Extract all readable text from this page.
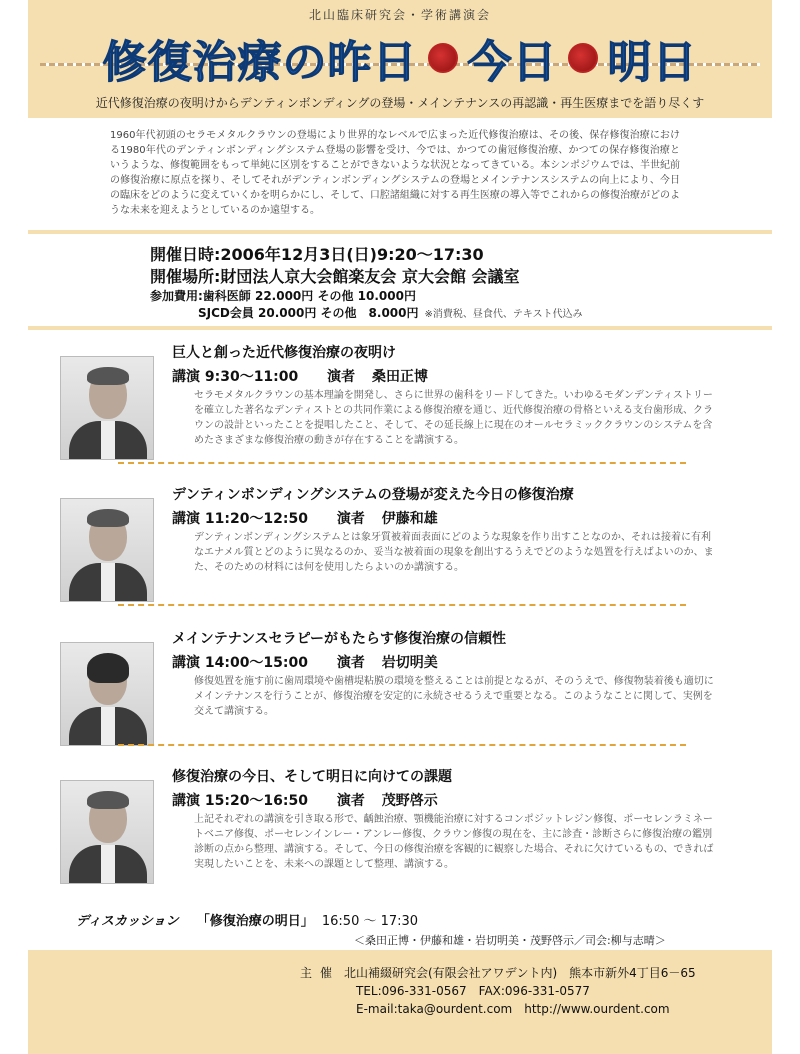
北山臨床研究会・学術講演会
修復治療の昨日 今日 明日
近代修復治療の夜明けからデンティンボンディングの登場・メインテナンスの再認識・再生医療までを語り尽くす
1960年代初頭のセラモメタルクラウンの登場により世界的なレベルで広まった近代修復治療は、その後、保存修復治療における1980年代のデンティンボンディングシステム登場の影響を受け、今では、かつての歯冠修復治療、かつての保存修復治療というような、修復範囲をもって単純に区別をすることができないような状況となってきている。本シンポジウムでは、半世紀前の修復治療に原点を探り、そしてそれがデンティンボンディングシステムの登場とメインテナンスシステムの向上により、今日の臨床をどのように変えていくかを明らかにし、そして、口腔諸組織に対する再生医療の導入等でこれからの修復治療がどのような未来を迎えようとしているのか遠望する。
開催日時:2006年12月3日(日)9:20～17:30
開催場所:財団法人京大会館楽友会 京大会館 会議室
参加費用:歯科医師 22.000円 その他 10.000円
SJCD会員 20.000円 その他　8.000円 ※消費税、昼食代、テキスト代込み
巨人と創った近代修復治療の夜明け
講演 9:30～11:00 演者 桑田正博
セラモメタルクラウンの基本理論を開発し、さらに世界の歯科をリードしてきた。いわゆるモダンデンティストリーを確立した著名なデンティストとの共同作業による修復治療を通じ、近代修復治療の骨格といえる支台歯形成、クラウンの設計といったことを提唱したこと、そして、その延長線上に現在のオールセラミッククラウンのシステムを含めたさまざまな修復治療の動きが存在することを講演する。
デンティンボンディングシステムの登場が変えた今日の修復治療
講演 11:20～12:50 演者 伊藤和雄
デンティンボンディングシステムとは象牙質被着面表面にどのような現象を作り出すことなのか、それは接着に有利なエナメル質とどのように異なるのか、妥当な被着面の現象を創出するうえでどのような処置を行えばよいのか、また、そのための材料には何を使用したらよいのか講演する。
メインテナンスセラピーがもたらす修復治療の信頼性
講演 14:00～15:00 演者 岩切明美
修復処置を施す前に歯周環境や歯槽堤粘膜の環境を整えることは前提となるが、そのうえで、修復物装着後も適切にメインテナンスを行うことが、修復治療を安定的に永続させるうえで重要となる。このようなことに関して、実例を交えて講演する。
修復治療の今日、そして明日に向けての課題
講演 15:20～16:50 演者 茂野啓示
上記それぞれの講演を引き取る形で、齲蝕治療、顎機能治療に対するコンポジットレジン修復、ポーセレンラミネートベニア修復、ポーセレンインレー・アンレー修復、クラウン修復の現在を、主に診査・診断さらに修復治療の鑑別診断の点から整理、講演する。そして、今日の修復治療を客観的に観察した場合、それに欠けているもの、できれば実現したいことを、未来への課題として整理、講演する。
ディスカッション 「修復治療の明日」 16:50 ～ 17:30
＜桑田正博・伊藤和雄・岩切明美・茂野啓示／司会:柳与志晴＞
主催 北山補綴研究会(有限会社アワデント内)　熊本市新外4丁目6－65
TEL:096-331-0567　FAX:096-331-0577
E-mail:taka@ourdent.com　http://www.ourdent.com
